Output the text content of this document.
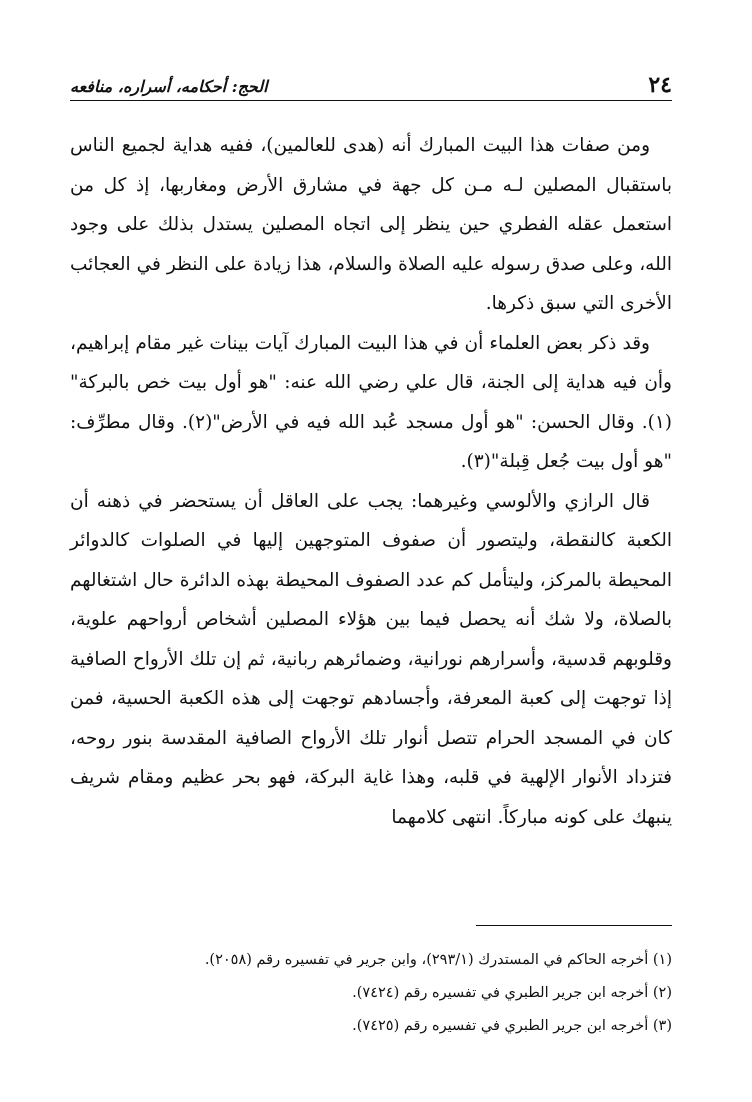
٢٤
الحج: أحكامه، أسراره، منافعه

ومن صفات هذا البيت المبارك أنه (هدى للعالمين)، ففيه هداية لجميع الناس باستقبال المصلين لـه مـن كل جهة في مشارق الأرض ومغاربها، إذ كل من استعمل عقله الفطري حين ينظر إلى اتجاه المصلين يستدل بذلك على وجود الله، وعلى صدق رسوله عليه الصلاة والسلام، هذا زيادة على النظر في العجائب الأخرى التي سبق ذكرها.

وقد ذكر بعض العلماء أن في هذا البيت المبارك آيات بينات غير مقام إبراهيم، وأن فيه هداية إلى الجنة، قال علي رضي الله عنه: "هو أول بيت خص بالبركة"(١). وقال الحسن: "هو أول مسجد عُبد الله فيه في الأرض"(٢). وقال مطرِّف: "هو أول بيت جُعل قِبلة"(٣).

قال الرازي والألوسي وغيرهما: يجب على العاقل أن يستحضر في ذهنه أن الكعبة كالنقطة، وليتصور أن صفوف المتوجهين إليها في الصلوات كالدوائر المحيطة بالمركز، وليتأمل كم عدد الصفوف المحيطة بهذه الدائرة حال اشتغالهم بالصلاة، ولا شك أنه يحصل فيما بين هؤلاء المصلين أشخاص أرواحهم علوية، وقلوبهم قدسية، وأسرارهم نورانية، وضمائرهم ربانية، ثم إن تلك الأرواح الصافية إذا توجهت إلى كعبة المعرفة، وأجسادهم توجهت إلى هذه الكعبة الحسية، فمن كان في المسجد الحرام تتصل أنوار تلك الأرواح الصافية المقدسة بنور روحه، فتزداد الأنوار الإلهية في قلبه، وهذا غاية البركة، فهو بحر عظيم ومقام شريف ينبهك على كونه مباركاً. انتهى كلامهما

(١) أخرجه الحاكم في المستدرك (٢٩٣/١)، وابن جرير في تفسيره رقم (٢٠٥٨).

(٢) أخرجه ابن جرير الطبري في تفسيره رقم (٧٤٢٤).

(٣) أخرجه ابن جرير الطبري في تفسيره رقم (٧٤٢٥).
